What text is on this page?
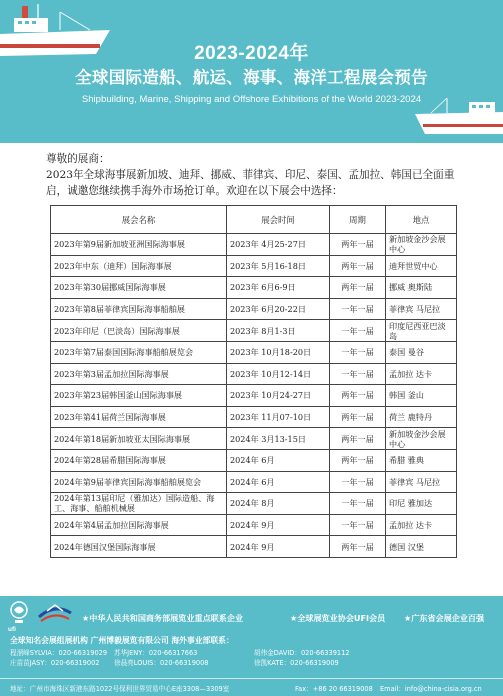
2023-2024年
全球国际造船、航运、海事、海洋工程展会预告
Shipbuilding, Marine, Shipping and Offshore Exhibitions of the World 2023-2024
尊敬的展商：
2023年全球海事展新加坡、迪拜、挪威、菲律宾、印尼、泰国、孟加拉、韩国已全面重启，诚邀您继续携手海外市场抢订单。欢迎在以下展会中选择：
展会名称	展会时间	周期	地点
2023年第9届新加坡亚洲国际海事展	2023年 4月25-27日	两年一届	新加坡金沙会展中心
2023年中东（迪拜）国际海事展	2023年 5月16-18日	两年一届	迪拜世贸中心
2023年第30届挪威国际海事展	2023年 6月6-9日	两年一届	挪威 奥斯陆
2023年第8届菲律宾国际海事船舶展	2023年 6月20-22日	一年一届	菲律宾 马尼拉
2023年印尼（巴淡岛）国际海事展	2023年 8月1-3日	一年一届	印度尼西亚巴淡岛
2023年第7届泰国国际海事船舶展览会	2023年 10月18-20日	一年一届	泰国 曼谷
2023年第3届孟加拉国际海事展	2023年 10月12-14日	一年一届	孟加拉 达卡
2023年第23届韩国釜山国际海事展	2023年 10月24-27日	两年一届	韩国 釜山
2023年第41届荷兰国际海事展	2023年 11月07-10日	两年一届	荷兰 鹿特丹
2024年第18届新加坡亚太国际海事展	2024年 3月13-15日	两年一届	新加坡金沙会展中心
2024年第28届希腊国际海事展	2024年 6月	两年一届	希腊 雅典
2024年第9届菲律宾国际海事船舶展览会	2024年 6月	一年一届	菲律宾 马尼拉
2024年第13届印尼（雅加达）国际造船、海工、海事、船舶机械展	2024年 8月	一年一届	印尼 雅加达
2024年第4届孟加拉国际海事展	2024年 9月	一年一届	孟加拉 达卡
2024年德国汉堡国际海事展	2024年 9月	两年一届	德国 汉堡
ufi
★中华人民共和国商务部展览业重点联系企业	★全球展览业协会UFI会员 ★广东省会展企业百强
全球知名会展组展机构 广州博毅展览有限公司 海外事业部联系：
程溜峰SYLVIA：020-66319029 苏华JENY：020-66317663	胡伟金DAVID：020-66339112
庄苗苗JASY：020-66319002 徐晨亮LOUIS：020-66319008	徐凯KATE：020-66319009
地址：广州市海珠区新港东路1022号保利世界贸易中心E座3308—3309室	Fax：+86 20 66319008 Email：info@china-cisia.org.cn
